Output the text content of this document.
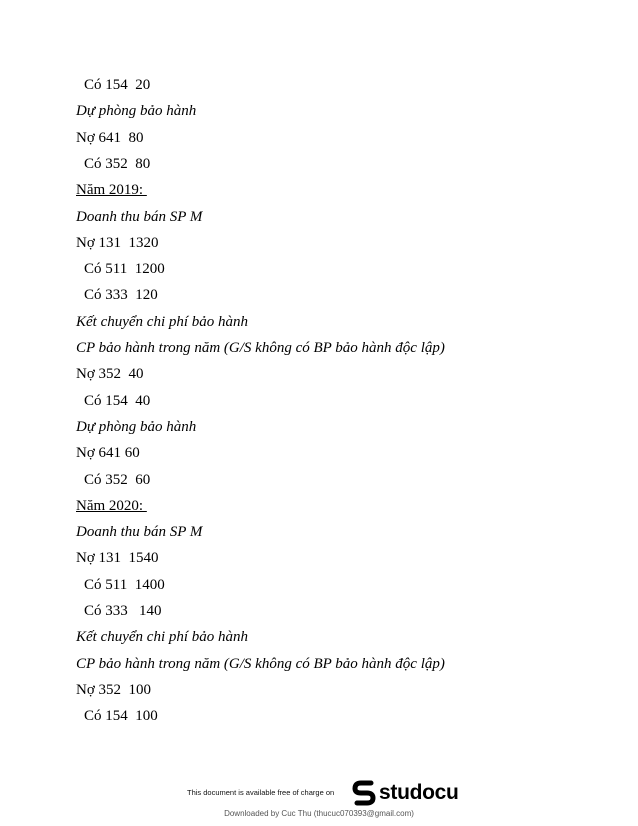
Có 154  20
Dự phòng bảo hành
Nợ 641  80
Có 352  80
Năm 2019:
Doanh thu bán SP M
Nợ 131  1320
Có 511  1200
Có 333  120
Kết chuyển chi phí bảo hành
CP bảo hành trong năm (G/S không có BP bảo hành độc lập)
Nợ 352  40
Có 154  40
Dự phòng bảo hành
Nợ 641 60
Có 352  60
Năm 2020:
Doanh thu bán SP M
Nợ 131  1540
Có 511  1400
Có 333   140
Kết chuyển chi phí bảo hành
CP bảo hành trong năm (G/S không có BP bảo hành độc lập)
Nợ 352  100
Có 154  100
This document is available free of charge on studocu
Downloaded by Cuc Thu (thucuc070393@gmail.com)
